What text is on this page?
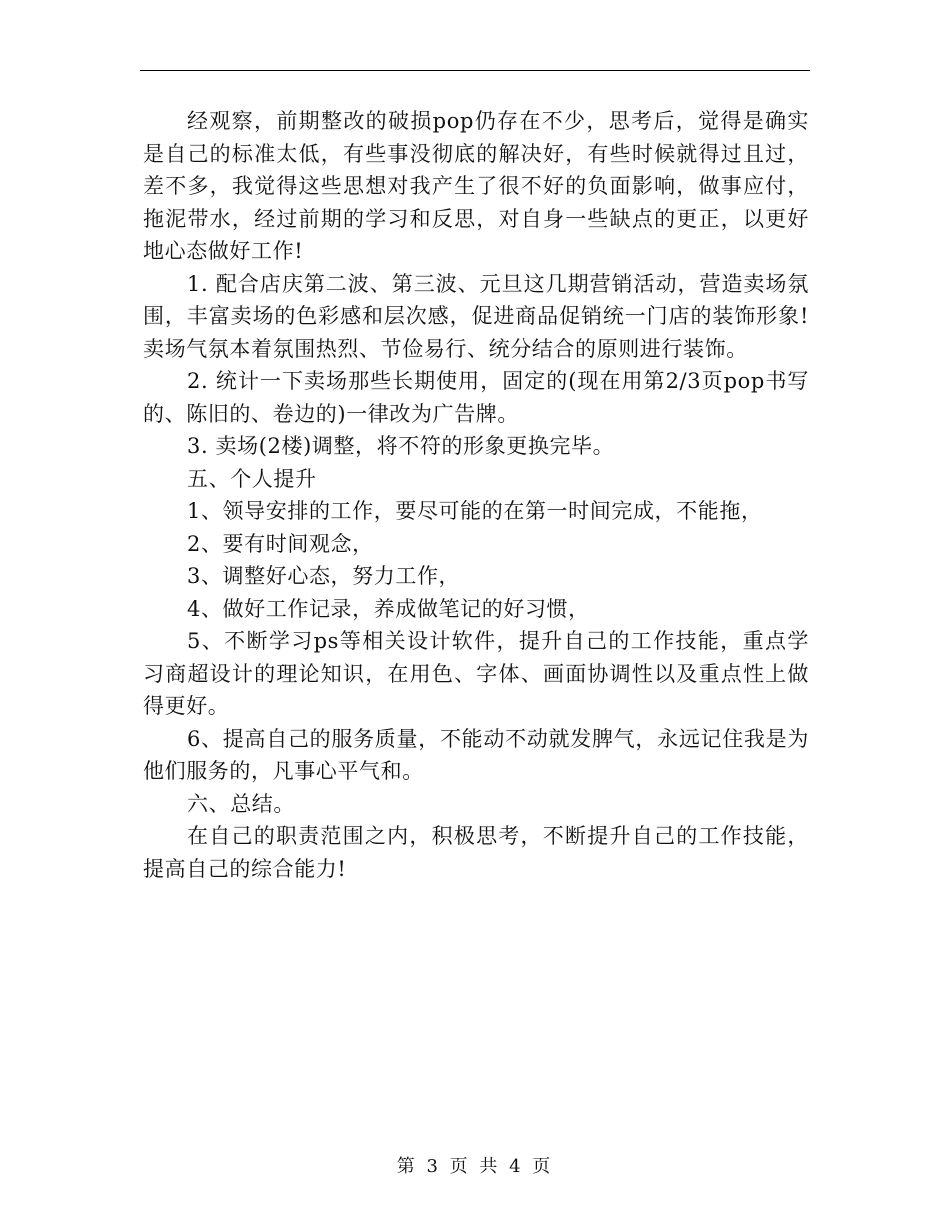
经观察，前期整改的破损pop仍存在不少，思考后，觉得是确实是自己的标准太低，有些事没彻底的解决好，有些时候就得过且过，差不多，我觉得这些思想对我产生了很不好的负面影响，做事应付，拖泥带水，经过前期的学习和反思，对自身一些缺点的更正，以更好地心态做好工作!

1. 配合店庆第二波、第三波、元旦这几期营销活动，营造卖场氛围，丰富卖场的色彩感和层次感，促进商品促销统一门店的装饰形象!卖场气氛本着氛围热烈、节俭易行、统分结合的原则进行装饰。

2. 统计一下卖场那些长期使用，固定的(现在用第2/3页pop书写的、陈旧的、卷边的)一律改为广告牌。

3. 卖场(2楼)调整，将不符的形象更换完毕。

五、个人提升

1、领导安排的工作，要尽可能的在第一时间完成，不能拖，

2、要有时间观念，

3、调整好心态，努力工作，

4、做好工作记录，养成做笔记的好习惯，

5、不断学习ps等相关设计软件，提升自己的工作技能，重点学习商超设计的理论知识，在用色、字体、画面协调性以及重点性上做得更好。

6、提高自己的服务质量，不能动不动就发脾气，永远记住我是为他们服务的，凡事心平气和。

六、总结。

在自己的职责范围之内，积极思考，不断提升自己的工作技能，提高自己的综合能力!

第 3 页 共 4 页
